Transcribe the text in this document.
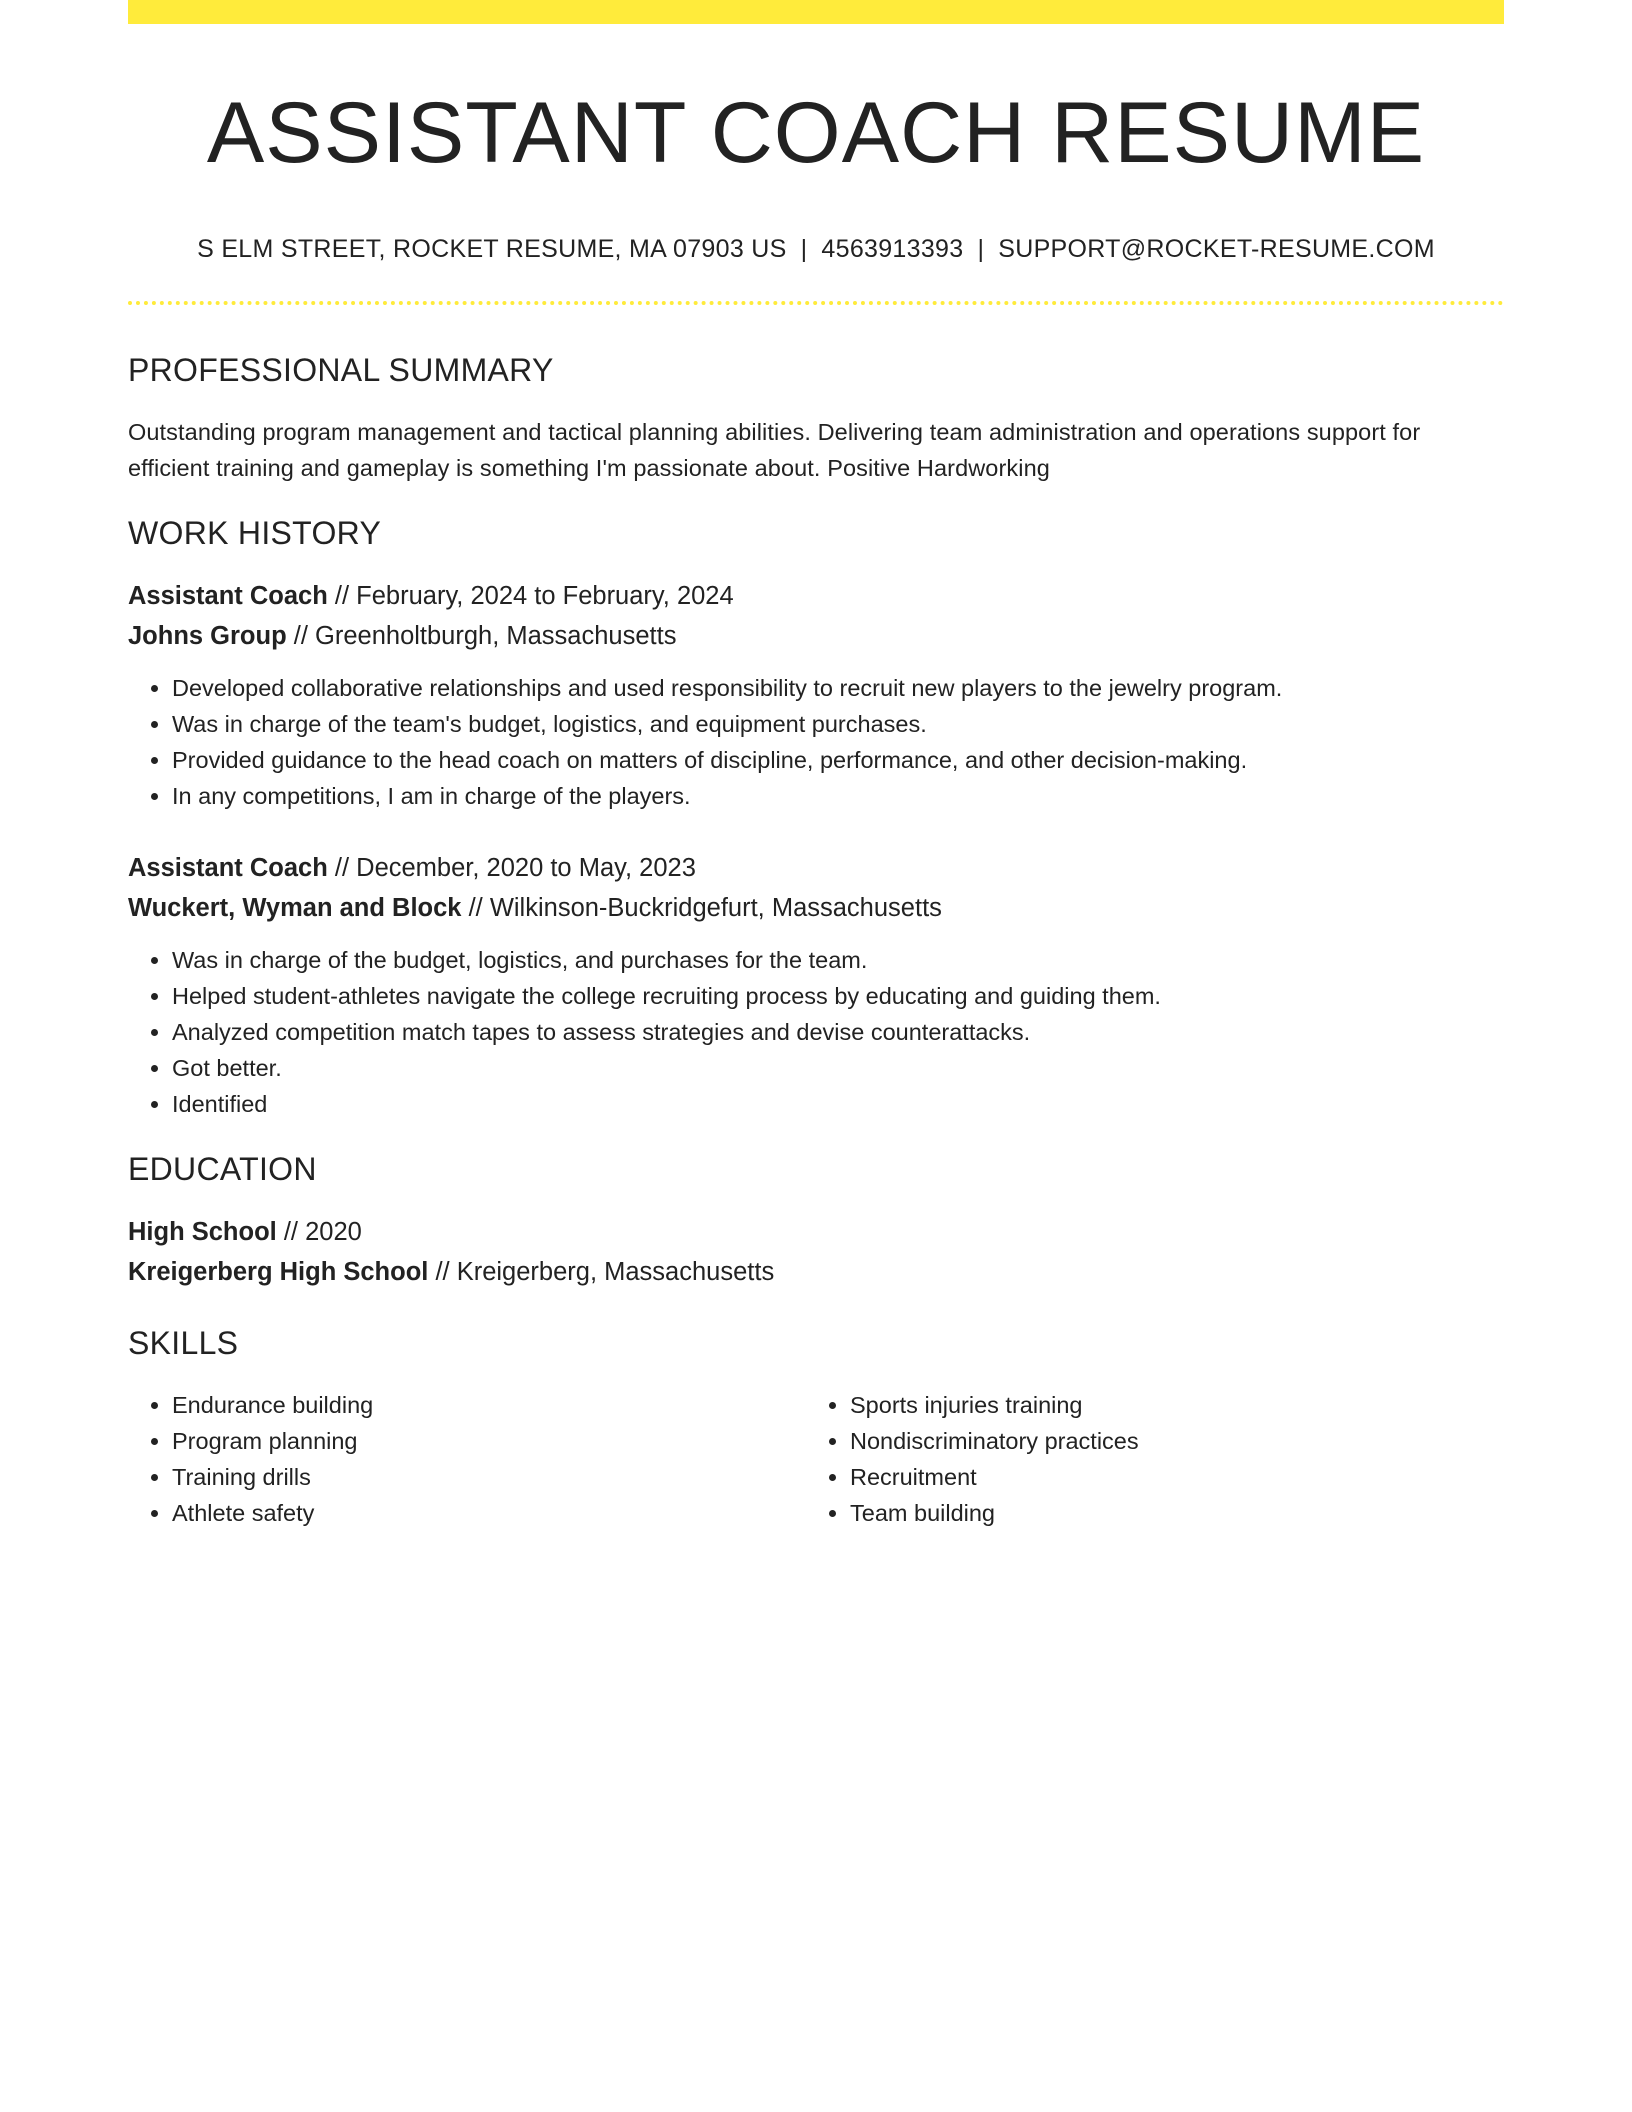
ASSISTANT COACH RESUME
S ELM STREET, ROCKET RESUME, MA 07903 US | 4563913393 | SUPPORT@ROCKET-RESUME.COM
PROFESSIONAL SUMMARY
Outstanding program management and tactical planning abilities. Delivering team administration and operations support for efficient training and gameplay is something I'm passionate about. Positive Hardworking
WORK HISTORY
Assistant Coach // February, 2024 to February, 2024
Johns Group // Greenholtburgh, Massachusetts
• Developed collaborative relationships and used responsibility to recruit new players to the jewelry program.
• Was in charge of the team's budget, logistics, and equipment purchases.
• Provided guidance to the head coach on matters of discipline, performance, and other decision-making.
• In any competitions, I am in charge of the players.
Assistant Coach // December, 2020 to May, 2023
Wuckert, Wyman and Block // Wilkinson-Buckridgefurt, Massachusetts
• Was in charge of the budget, logistics, and purchases for the team.
• Helped student-athletes navigate the college recruiting process by educating and guiding them.
• Analyzed competition match tapes to assess strategies and devise counterattacks.
• Got better.
• Identified
EDUCATION
High School // 2020
Kreigerberg High School // Kreigerberg, Massachusetts
SKILLS
• Endurance building
• Program planning
• Training drills
• Athlete safety
• Sports injuries training
• Nondiscriminatory practices
• Recruitment
• Team building
